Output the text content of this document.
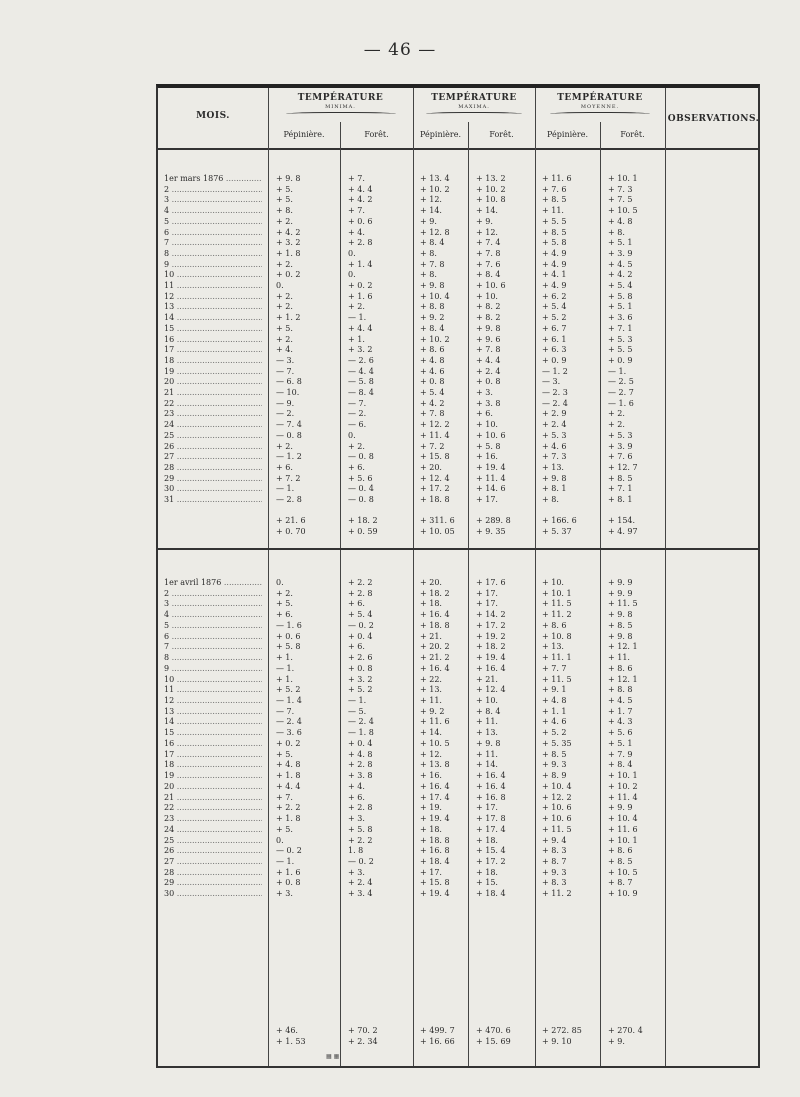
— 46 —
MOIS.
TEMPÉRATURE
MINIMA.
TEMPÉRATURE
MAXIMA.
TEMPÉRATURE
MOYENNE.
Pépinière.	Forêt.	Pépinière.	Forêt.	Pépinière.	Forêt.
OBSERVATIONS.
1er mars 1876 .....	+ 9. 8	+ 7.	+ 13. 4	+ 13. 2	+ 11. 6	+ 10. 1
2 .....	+ 5.	+ 4. 4	+ 10. 2	+ 10. 2	+ 7. 6	+ 7. 3
3 .....	+ 5.	+ 4. 2	+ 12.	+ 10. 8	+ 8. 5	+ 7. 5
4 .....	+ 8.	+ 7.	+ 14.	+ 14.	+ 11.	+ 10. 5
5 .....	+ 2.	+ 0. 6	+ 9.	+ 9.	+ 5. 5	+ 4. 8
6 .....	+ 4. 2	+ 4.	+ 12. 8	+ 12.	+ 8. 5	+ 8.
7 .....	+ 3. 2	+ 2. 8	+ 8. 4	+ 7. 4	+ 5. 8	+ 5. 1
8 .....	+ 1. 8	0.	+ 8.	+ 7. 8	+ 4. 9	+ 3. 9
9 .....	+ 2.	+ 1. 4	+ 7. 8	+ 7. 6	+ 4. 9	+ 4. 5
10 .....	+ 0. 2	0.	+ 8.	+ 8. 4	+ 4. 1	+ 4. 2
11 .....	0.	+ 0. 2	+ 9. 8	+ 10. 6	+ 4. 9	+ 5. 4
12 .....	+ 2.	+ 1. 6	+ 10. 4	+ 10.	+ 6. 2	+ 5. 8
13 .....	+ 2.	+ 2.	+ 8. 8	+ 8. 2	+ 5. 4	+ 5. 1
14 .....	+ 1. 2	— 1.	+ 9. 2	+ 8. 2	+ 5. 2	+ 3. 6
15 .....	+ 5.	+ 4. 4	+ 8. 4	+ 9. 8	+ 6. 7	+ 7. 1
16 .....	+ 2.	+ 1.	+ 10. 2	+ 9. 6	+ 6. 1	+ 5. 3
17 .....	+ 4.	+ 3. 2	+ 8. 6	+ 7. 8	+ 6. 3	+ 5. 5
18 .....	— 3.	— 2. 6	+ 4. 8	+ 4. 4	+ 0. 9	+ 0. 9
19 .....	— 7.	— 4. 4	+ 4. 6	+ 2. 4	— 1. 2	— 1.
20 .....	— 6. 8	— 5. 8	+ 0. 8	+ 0. 8	— 3.	— 2. 5
21 .....	— 10.	— 8. 4	+ 5. 4	+ 3.	— 2. 3	— 2. 7
22 .....	— 9.	— 7.	+ 4. 2	+ 3. 8	— 2. 4	— 1. 6
23 .....	— 2.	— 2.	+ 7. 8	+ 6.	+ 2. 9	+ 2.
24 .....	— 7. 4	— 6.	+ 12. 2	+ 10.	+ 2. 4	+ 2.
25 .....	— 0. 8	0.	+ 11. 4	+ 10. 6	+ 5. 3	+ 5. 3
26 .....	+ 2.	+ 2.	+ 7. 2	+ 5. 8	+ 4. 6	+ 3. 9
27 .....	— 1. 2	— 0. 8	+ 15. 8	+ 16.	+ 7. 3	+ 7. 6
28 .....	+ 6.	+ 6.	+ 20.	+ 19. 4	+ 13.	+ 12. 7
29 .....	+ 7. 2	+ 5. 6	+ 12. 4	+ 11. 4	+ 9. 8	+ 8. 5
30 .....	— 1.	— 0. 4	+ 17. 2	+ 14. 6	+ 8. 1	+ 7. 1
31 .....	— 2. 8	— 0. 8	+ 18. 8	+ 17.	+ 8.	+ 8. 1
+ 21. 6	+ 18. 2	+ 311. 6	+ 289. 8	+ 166. 6	+ 154.
+ 0. 70	+ 0. 59	+ 10. 05	+ 9. 35	+ 5. 37	+ 4. 97
1er avril 1876 .....	0.	+ 2. 2	+ 20.	+ 17. 6	+ 10.	+ 9. 9
2 .....	+ 2.	+ 2. 8	+ 18. 2	+ 17.	+ 10. 1	+ 9. 9
3 .....	+ 5.	+ 6.	+ 18.	+ 17.	+ 11. 5	+ 11. 5
4 .....	+ 6.	+ 5. 4	+ 16. 4	+ 14. 2	+ 11. 2	+ 9. 8
5 .....	— 1. 6	— 0. 2	+ 18. 8	+ 17. 2	+ 8. 6	+ 8. 5
6 .....	+ 0. 6	+ 0. 4	+ 21.	+ 19. 2	+ 10. 8	+ 9. 8
7 .....	+ 5. 8	+ 6.	+ 20. 2	+ 18. 2	+ 13.	+ 12. 1
8 .....	+ 1.	+ 2. 6	+ 21. 2	+ 19. 4	+ 11. 1	+ 11.
9 .....	— 1.	+ 0. 8	+ 16. 4	+ 16. 4	+ 7. 7	+ 8. 6
10 .....	+ 1.	+ 3. 2	+ 22.	+ 21.	+ 11. 5	+ 12. 1
11 .....	+ 5. 2	+ 5. 2	+ 13.	+ 12. 4	+ 9. 1	+ 8. 8
12 .....	— 1. 4	— 1.	+ 11.	+ 10.	+ 4. 8	+ 4. 5
13 .....	— 7.	— 5.	+ 9. 2	+ 8. 4	+ 1. 1	+ 1. 7
14 .....	— 2. 4	— 2. 4	+ 11. 6	+ 11.	+ 4. 6	+ 4. 3
15 .....	— 3. 6	— 1. 8	+ 14.	+ 13.	+ 5. 2	+ 5. 6
16 .....	+ 0. 2	+ 0. 4	+ 10. 5	+ 9. 8	+ 5. 35	+ 5. 1
17 .....	+ 5.	+ 4. 8	+ 12.	+ 11.	+ 8. 5	+ 7. 9
18 .....	+ 4. 8	+ 2. 8	+ 13. 8	+ 14.	+ 9. 3	+ 8. 4
19 .....	+ 1. 8	+ 3. 8	+ 16.	+ 16. 4	+ 8. 9	+ 10. 1
20 .....	+ 4. 4	+ 4.	+ 16. 4	+ 16. 4	+ 10. 4	+ 10. 2
21 .....	+ 7.	+ 6.	+ 17. 4	+ 16. 8	+ 12. 2	+ 11. 4
22 .....	+ 2. 2	+ 2. 8	+ 19.	+ 17.	+ 10. 6	+ 9. 9
23 .....	+ 1. 8	+ 3.	+ 19. 4	+ 17. 8	+ 10. 6	+ 10. 4
24 .....	+ 5.	+ 5. 8	+ 18.	+ 17. 4	+ 11. 5	+ 11. 6
25 .....	0.	+ 2. 2	+ 18. 8	+ 18.	+ 9. 4	+ 10. 1
26 .....	— 0. 2	1. 8	+ 16. 8	+ 15. 4	+ 8. 3	+ 8. 6
27 .....	— 1.	— 0. 2	+ 18. 4	+ 17. 2	+ 8. 7	+ 8. 5
28 .....	+ 1. 6	+ 3.	+ 17.	+ 18.	+ 9. 3	+ 10. 5
29 .....	+ 0. 8	+ 2. 4	+ 15. 8	+ 15.	+ 8. 3	+ 8. 7
30 .....	+ 3.	+ 3. 4	+ 19. 4	+ 18. 4	+ 11. 2	+ 10. 9
+ 46.	+ 70. 2	+ 499. 7	+ 470. 6	+ 272. 85	+ 270. 4
+ 1. 53	+ 2. 34	+ 16. 66	+ 15. 69	+ 9. 10	+ 9.
▦ ▦
